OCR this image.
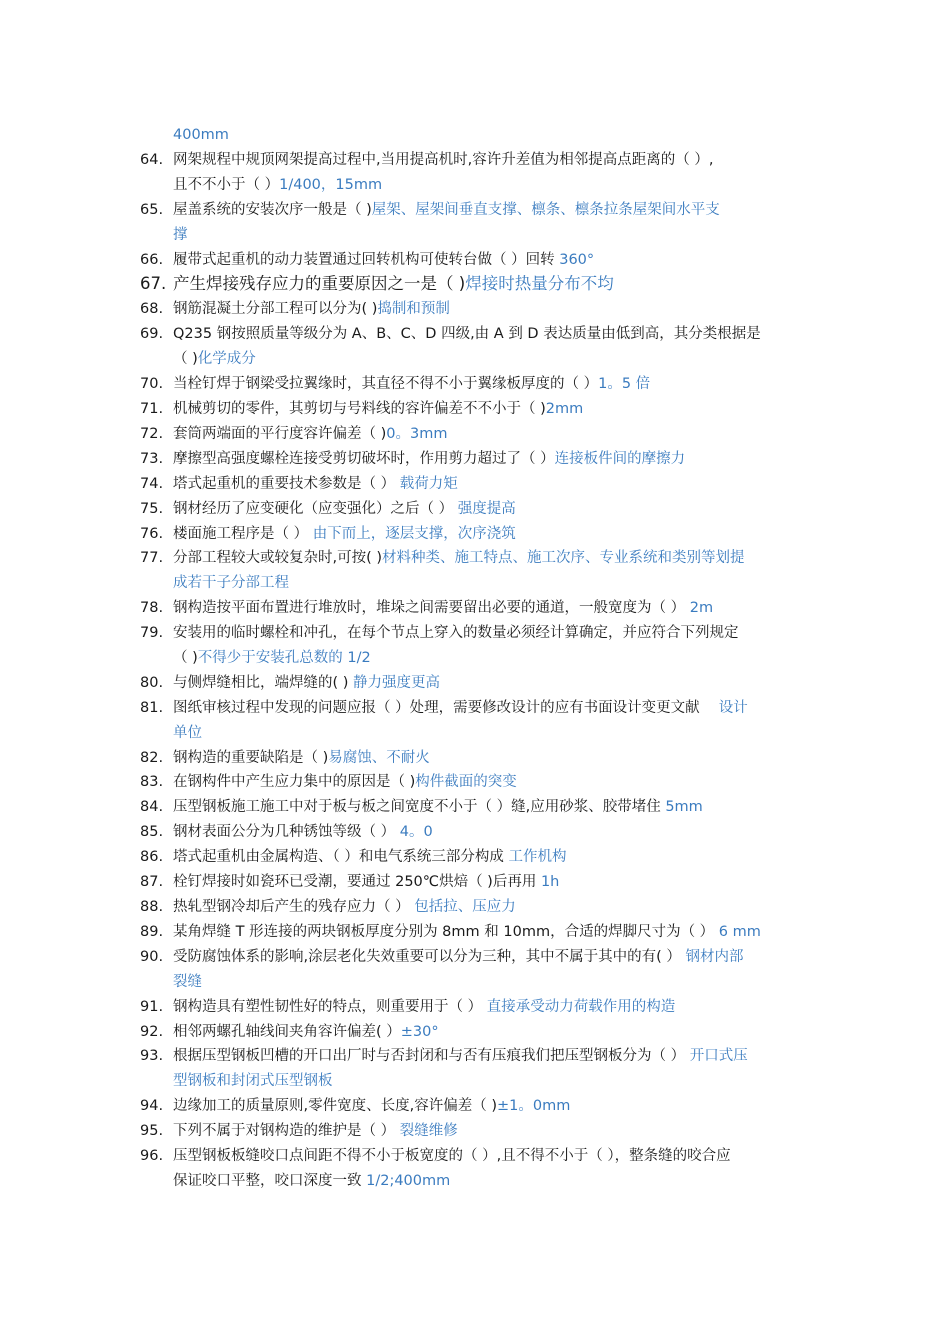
400mm
64. 网架规程中规顶网架提高过程中,当用提高机时,容许升差值为相邻提高点距离的（ ）,
且不不小于（ ）1/400，15mm
65. 屋盖系统的安装次序一般是（ )屋架、屋架间垂直支撑、檩条、檩条拉条屋架间水平支
撑
66. 履带式起重机的动力装置通过回转机构可使转台做（ ）回转 360°
67. 产生焊接残存应力的重要原因之一是（ )焊接时热量分布不均
68. 钢筋混凝土分部工程可以分为( )捣制和预制
69. Q235 钢按照质量等级分为 A、B、C、D 四级,由 A 到 D 表达质量由低到高，其分类根据是
（ )化学成分
70. 当栓钉焊于钢梁受拉翼缘时，其直径不得不小于翼缘板厚度的（ ）1。5 倍
71. 机械剪切的零件，其剪切与号料线的容许偏差不不小于（ )2mm
72. 套筒两端面的平行度容许偏差（ )0。3mm
73. 摩擦型高强度螺栓连接受剪切破坏时，作用剪力超过了（ ）连接板件间的摩擦力
74. 塔式起重机的重要技术参数是（ ） 载荷力矩
75. 钢材经历了应变硬化（应变强化）之后（ ） 强度提高
76. 楼面施工程序是（ ） 由下而上，逐层支撑，次序浇筑
77. 分部工程较大或较复杂时,可按( )材料种类、施工特点、施工次序、专业系统和类别等划提
成若干子分部工程
78. 钢构造按平面布置进行堆放时，堆垛之间需要留出必要的通道，一般宽度为（ ） 2m
79. 安装用的临时螺栓和冲孔，在每个节点上穿入的数量必须经计算确定，并应符合下列规定
（ )不得少于安装孔总数的 1/2
80. 与侧焊缝相比，端焊缝的( ) 静力强度更高
81. 图纸审核过程中发现的问题应报（ ）处理，需要修改设计的应有书面设计变更文献　 设计
单位
82. 钢构造的重要缺陷是（ )易腐蚀、不耐火
83. 在钢构件中产生应力集中的原因是（ )构件截面的突变
84. 压型钢板施工施工中对于板与板之间宽度不小于（ ）缝,应用砂浆、胶带堵住 5mm
85. 钢材表面公分为几种锈蚀等级（ ） 4。0
86. 塔式起重机由金属构造、（ ）和电气系统三部分构成 工作机构
87. 栓钉焊接时如瓷环已受潮，要通过 250℃烘焙（ )后再用 1h
88. 热轧型钢冷却后产生的残存应力（ ） 包括拉、压应力
89. 某角焊缝 T 形连接的两块钢板厚度分别为 8mm 和 10mm，合适的焊脚尺寸为（ ） 6 mm
90. 受防腐蚀体系的影响,涂层老化失效重要可以分为三种，其中不属于其中的有( ） 钢材内部
裂缝
91. 钢构造具有塑性韧性好的特点，则重要用于（ ） 直接承受动力荷载作用的构造
92. 相邻两螺孔轴线间夹角容许偏差( ）±30°
93. 根据压型钢板凹槽的开口出厂时与否封闭和与否有压痕我们把压型钢板分为（ ） 开口式压
型钢板和封闭式压型钢板
94. 边缘加工的质量原则,零件宽度、长度,容许偏差（ )±1。0mm
95. 下列不属于对钢构造的维护是（ ） 裂缝维修
96. 压型钢板板缝咬口点间距不得不小于板宽度的（ ）,且不得不小于（ ），整条缝的咬合应
保证咬口平整，咬口深度一致 1/2;400mm
